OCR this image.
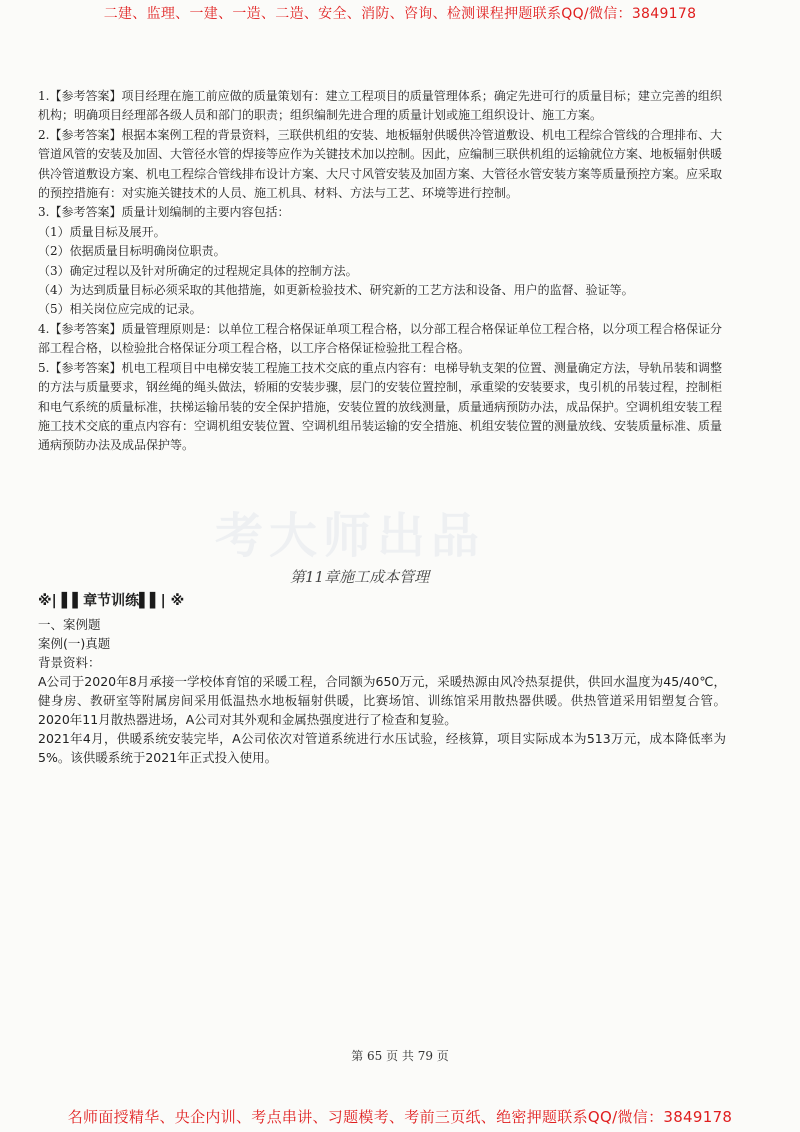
二建、监理、一建、一造、二造、安全、消防、咨询、检测课程押题联系QQ/微信：3849178

1.【参考答案】项目经理在施工前应做的质量策划有：建立工程项目的质量管理体系；确定先进可行的质量目标；建立完善的组织机构；明确项目经理部各级人员和部门的职责；组织编制先进合理的质量计划或施工组织设计、施工方案。

2.【参考答案】根据本案例工程的背景资料，三联供机组的安装、地板辐射供暖供冷管道敷设、机电工程综合管线的合理排布、大管道风管的安装及加固、大管径水管的焊接等应作为关键技术加以控制。因此，应编制三联供机组的运输就位方案、地板辐射供暖供冷管道敷设方案、机电工程综合管线排布设计方案、大尺寸风管安装及加固方案、大管径水管安装方案等质量预控方案。应采取的预控措施有：对实施关键技术的人员、施工机具、材料、方法与工艺、环境等进行控制。

3.【参考答案】质量计划编制的主要内容包括：

（1）质量目标及展开。

（2）依据质量目标明确岗位职责。

（3）确定过程以及针对所确定的过程规定具体的控制方法。

（4）为达到质量目标必须采取的其他措施，如更新检验技术、研究新的工艺方法和设备、用户的监督、验证等。

（5）相关岗位应完成的记录。

4.【参考答案】质量管理原则是：以单位工程合格保证单项工程合格，以分部工程合格保证单位工程合格，以分项工程合格保证分部工程合格，以检验批合格保证分项工程合格，以工序合格保证检验批工程合格。

5.【参考答案】机电工程项目中电梯安装工程施工技术交底的重点内容有：电梯导轨支架的位置、测量确定方法，导轨吊装和调整的方法与质量要求，钢丝绳的绳头做法，轿厢的安装步骤，层门的安装位置控制，承重梁的安装要求，曳引机的吊装过程，控制柜和电气系统的质量标准，扶梯运输吊装的安全保护措施，安装位置的放线测量，质量通病预防办法，成品保护。空调机组安装工程施工技术交底的重点内容有：空调机组安装位置、空调机组吊装运输的安全措施、机组安装位置的测量放线、安装质量标准、质量通病预防办法及成品保护等。

考大师出品
第11章施工成本管理
※| ▌▌章节训练▌▌| ※

一、案例题

案例(一)真题

背景资料：

A公司于2020年8月承接一学校体育馆的采暖工程，合同额为650万元，采暖热源由风冷热泵提供，供回水温度为45/40℃，健身房、教研室等附属房间采用低温热水地板辐射供暖，比赛场馆、训练馆采用散热器供暖。供热管道采用铝塑复合管。2020年11月散热器进场，A公司对其外观和金属热强度进行了检查和复验。

2021年4月，供暖系统安装完毕，A公司依次对管道系统进行水压试验，经核算，项目实际成本为513万元，成本降低率为5%。该供暖系统于2021年正式投入使用。

第 65 页 共 79 页
名师面授精华、央企内训、考点串讲、习题模考、考前三页纸、绝密押题联系QQ/微信：3849178
